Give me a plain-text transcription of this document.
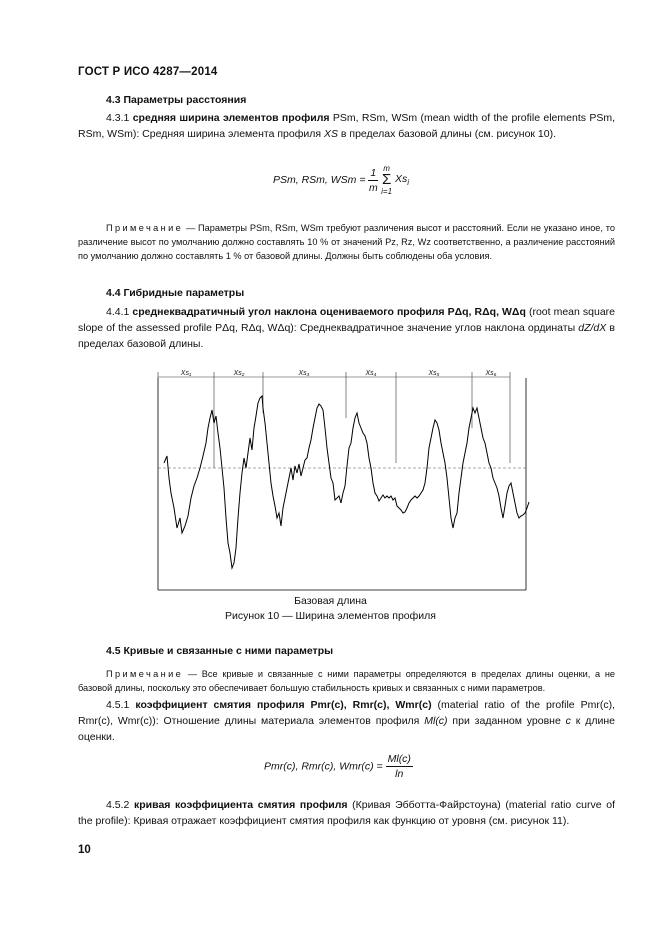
ГОСТ Р ИСО 4287—2014
4.3 Параметры расстояния
4.3.1 средняя ширина элементов профиля PSm, RSm, WSm (mean width of the profile elements PSm, RSm, WSm): Средняя ширина элемента профиля XS в пределах базовой длины (см. рисунок 10).
PSm, RSm, WSm = $\frac{1}{m}$
m
Σ
i=1
$Xs_i$
Примечание — Параметры PSm, RSm, WSm требуют различения высот и расстояний. Если не указано иное, то различение высот по умолчанию должно составлять 10 % от значений Pz, Rz, Wz соответственно, а различение расстояний по умолчанию должно составлять 1 % от базовой длины. Должны быть соблюдены оба условия.
4.4 Гибридные параметры
4.4.1 среднеквадратичный угол наклона оцениваемого профиля PΔq, RΔq, WΔq (root mean square slope of the assessed profile PΔq, RΔq, WΔq): Среднеквадратичное значение углов наклона ординаты dZ/dX в пределах базовой длины.
Xs₁	Xs₂	Xs₃	Xs₄	Xs₅	Xs₆
Базовая длина
Рисунок 10 — Ширина элементов профиля
4.5 Кривые и связанные с ними параметры
Примечание — Все кривые и связанные с ними параметры определяются в пределах длины оценки, а не базовой длины, поскольку это обеспечивает большую стабильность кривых и связанных с ними параметров.
4.5.1 коэффициент смятия профиля Pmr(c), Rmr(c), Wmr(c) (material ratio of the profile Pmr(c), Rmr(c), Wmr(c)): Отношение длины материала элементов профиля Ml(c) при заданном уровне c к длине оценки.
Pmr(c), Rmr(c), $Wmr(c) = \frac{Ml(c)}{\ln}$
4.5.2 кривая коэффициента смятия профиля (Кривая Эбботта-Файрстоуна) (material ratio curve of the profile): Кривая отражает коэффициент смятия профиля как функцию от уровня (см. рисунок 11).
10
